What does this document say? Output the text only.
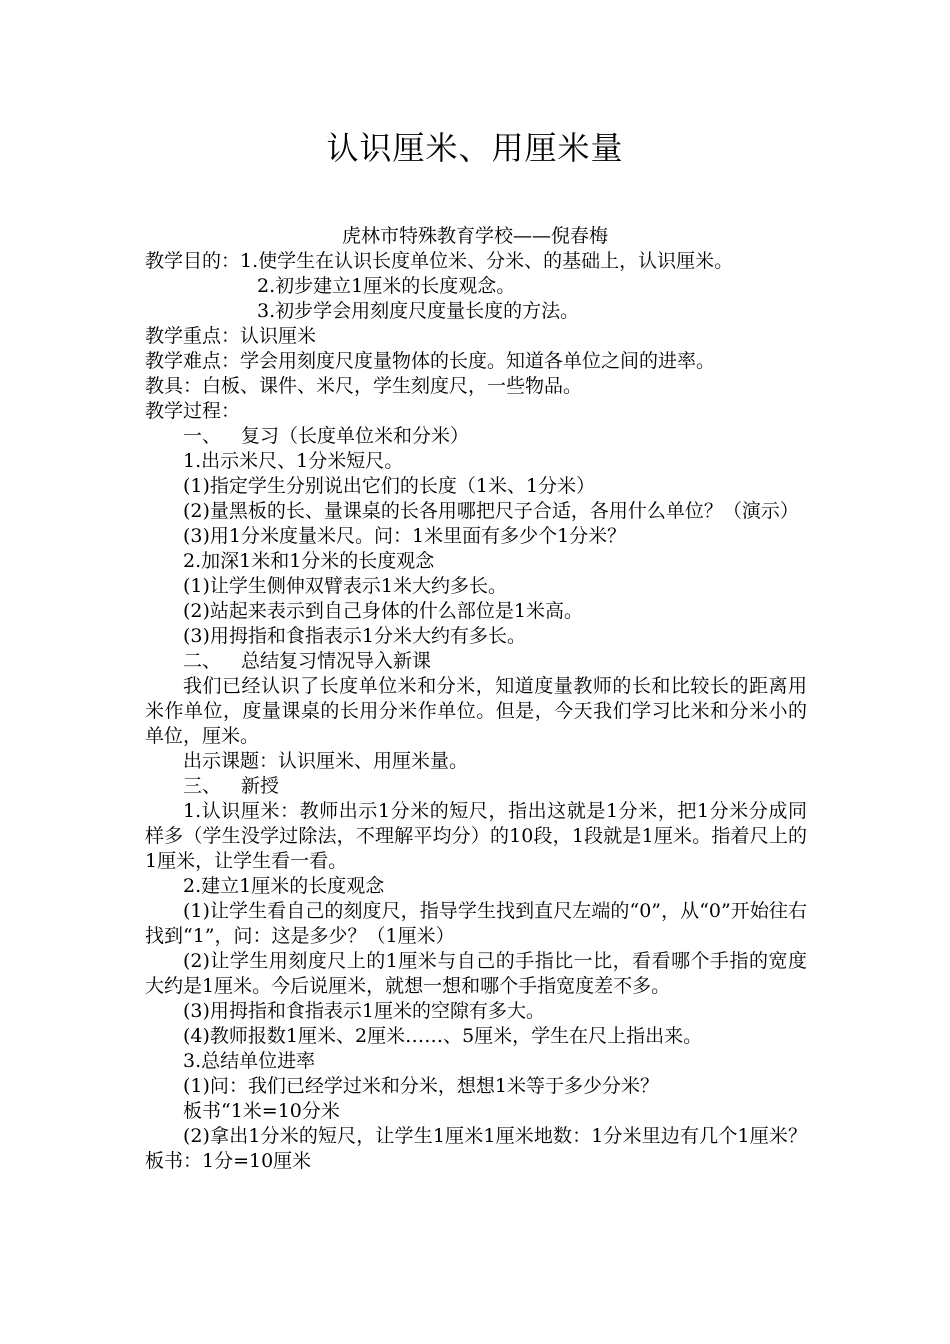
认识厘米、用厘米量
虎林市特殊教育学校——倪春梅

教学目的：1.使学生在认识长度单位米、分米、的基础上，认识厘米。

2.初步建立1厘米的长度观念。

3.初步学会用刻度尺度量长度的方法。

教学重点：认识厘米

教学难点：学会用刻度尺度量物体的长度。知道各单位之间的进率。

教具：白板、课件、米尺，学生刻度尺，一些物品。

教学过程：

一、 复习（长度单位米和分米）

1.出示米尺、1分米短尺。

(1)指定学生分别说出它们的长度（1米、1分米）

(2)量黑板的长、量课桌的长各用哪把尺子合适，各用什么单位？（演示）

(3)用1分米度量米尺。问：1米里面有多少个1分米？

2.加深1米和1分米的长度观念

(1)让学生侧伸双臂表示1米大约多长。

(2)站起来表示到自己身体的什么部位是1米高。

(3)用拇指和食指表示1分米大约有多长。

二、 总结复习情况导入新课

我们已经认识了长度单位米和分米，知道度量教师的长和比较长的距离用米作单位，度量课桌的长用分米作单位。但是，今天我们学习比米和分米小的单位，厘米。

出示课题：认识厘米、用厘米量。

三、 新授

1.认识厘米：教师出示1分米的短尺，指出这就是1分米，把1分米分成同样多（学生没学过除法，不理解平均分）的10段，1段就是1厘米。指着尺上的1厘米，让学生看一看。

2.建立1厘米的长度观念

(1)让学生看自己的刻度尺，指导学生找到直尺左端的“0”，从“0”开始往右找到“1”，问：这是多少？（1厘米）

(2)让学生用刻度尺上的1厘米与自己的手指比一比，看看哪个手指的宽度大约是1厘米。今后说厘米，就想一想和哪个手指宽度差不多。

(3)用拇指和食指表示1厘米的空隙有多大。

(4)教师报数1厘米、2厘米……、5厘米，学生在尺上指出来。

3.总结单位进率

(1)问：我们已经学过米和分米，想想1米等于多少分米？

板书“1米=10分米

(2)拿出1分米的短尺，让学生1厘米1厘米地数：1分米里边有几个1厘米？板书：1分=10厘米
